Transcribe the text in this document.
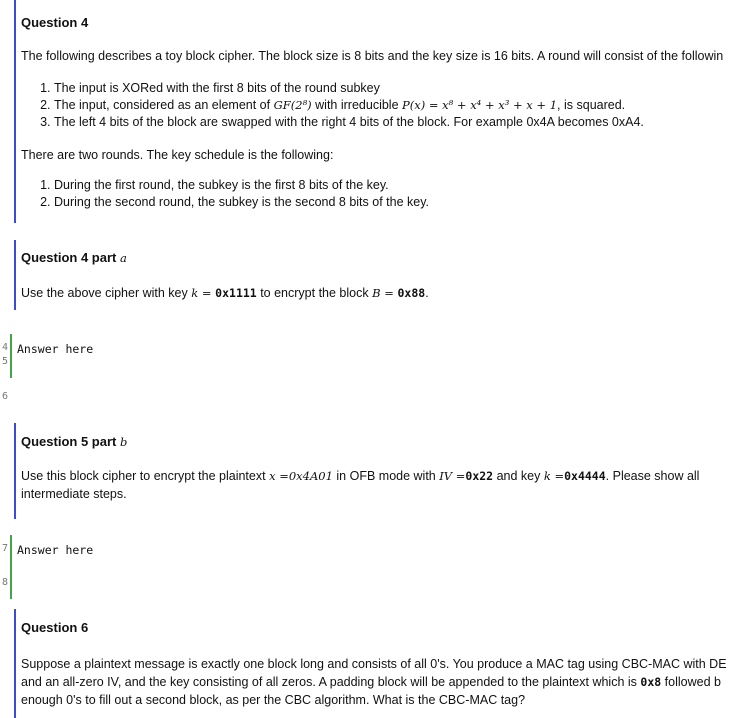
Question 4
The following describes a toy block cipher. The block size is 8 bits and the key size is 16 bits. A round will consist of the followin
1. The input is XORed with the first 8 bits of the round subkey
2. The input, considered as an element of GF(2⁸) with irreducible P(x) = x⁸ + x⁴ + x³ + x + 1, is squared.
3. The left 4 bits of the block are swapped with the right 4 bits of the block. For example 0x4A becomes 0xA4.
There are two rounds. The key schedule is the following:
1. During the first round, the subkey is the first 8 bits of the key.
2. During the second round, the subkey is the second 8 bits of the key.
Question 4 part a
Use the above cipher with key k = 0x1111 to encrypt the block B = 0x88.
4
5
6
Answer here
Question 5 part b
Use this block cipher to encrypt the plaintext x =0x4A01 in OFB mode with IV =0x22 and key k =0x4444. Please show all
intermediate steps.
7
8
Answer here
Question 6
Suppose a plaintext message is exactly one block long and consists of all 0's. You produce a MAC tag using CBC-MAC with DE
and an all-zero IV, and the key consisting of all zeros. A padding block will be appended to the plaintext which is 0x8 followed b
enough 0's to fill out a second block, as per the CBC algorithm. What is the CBC-MAC tag?
